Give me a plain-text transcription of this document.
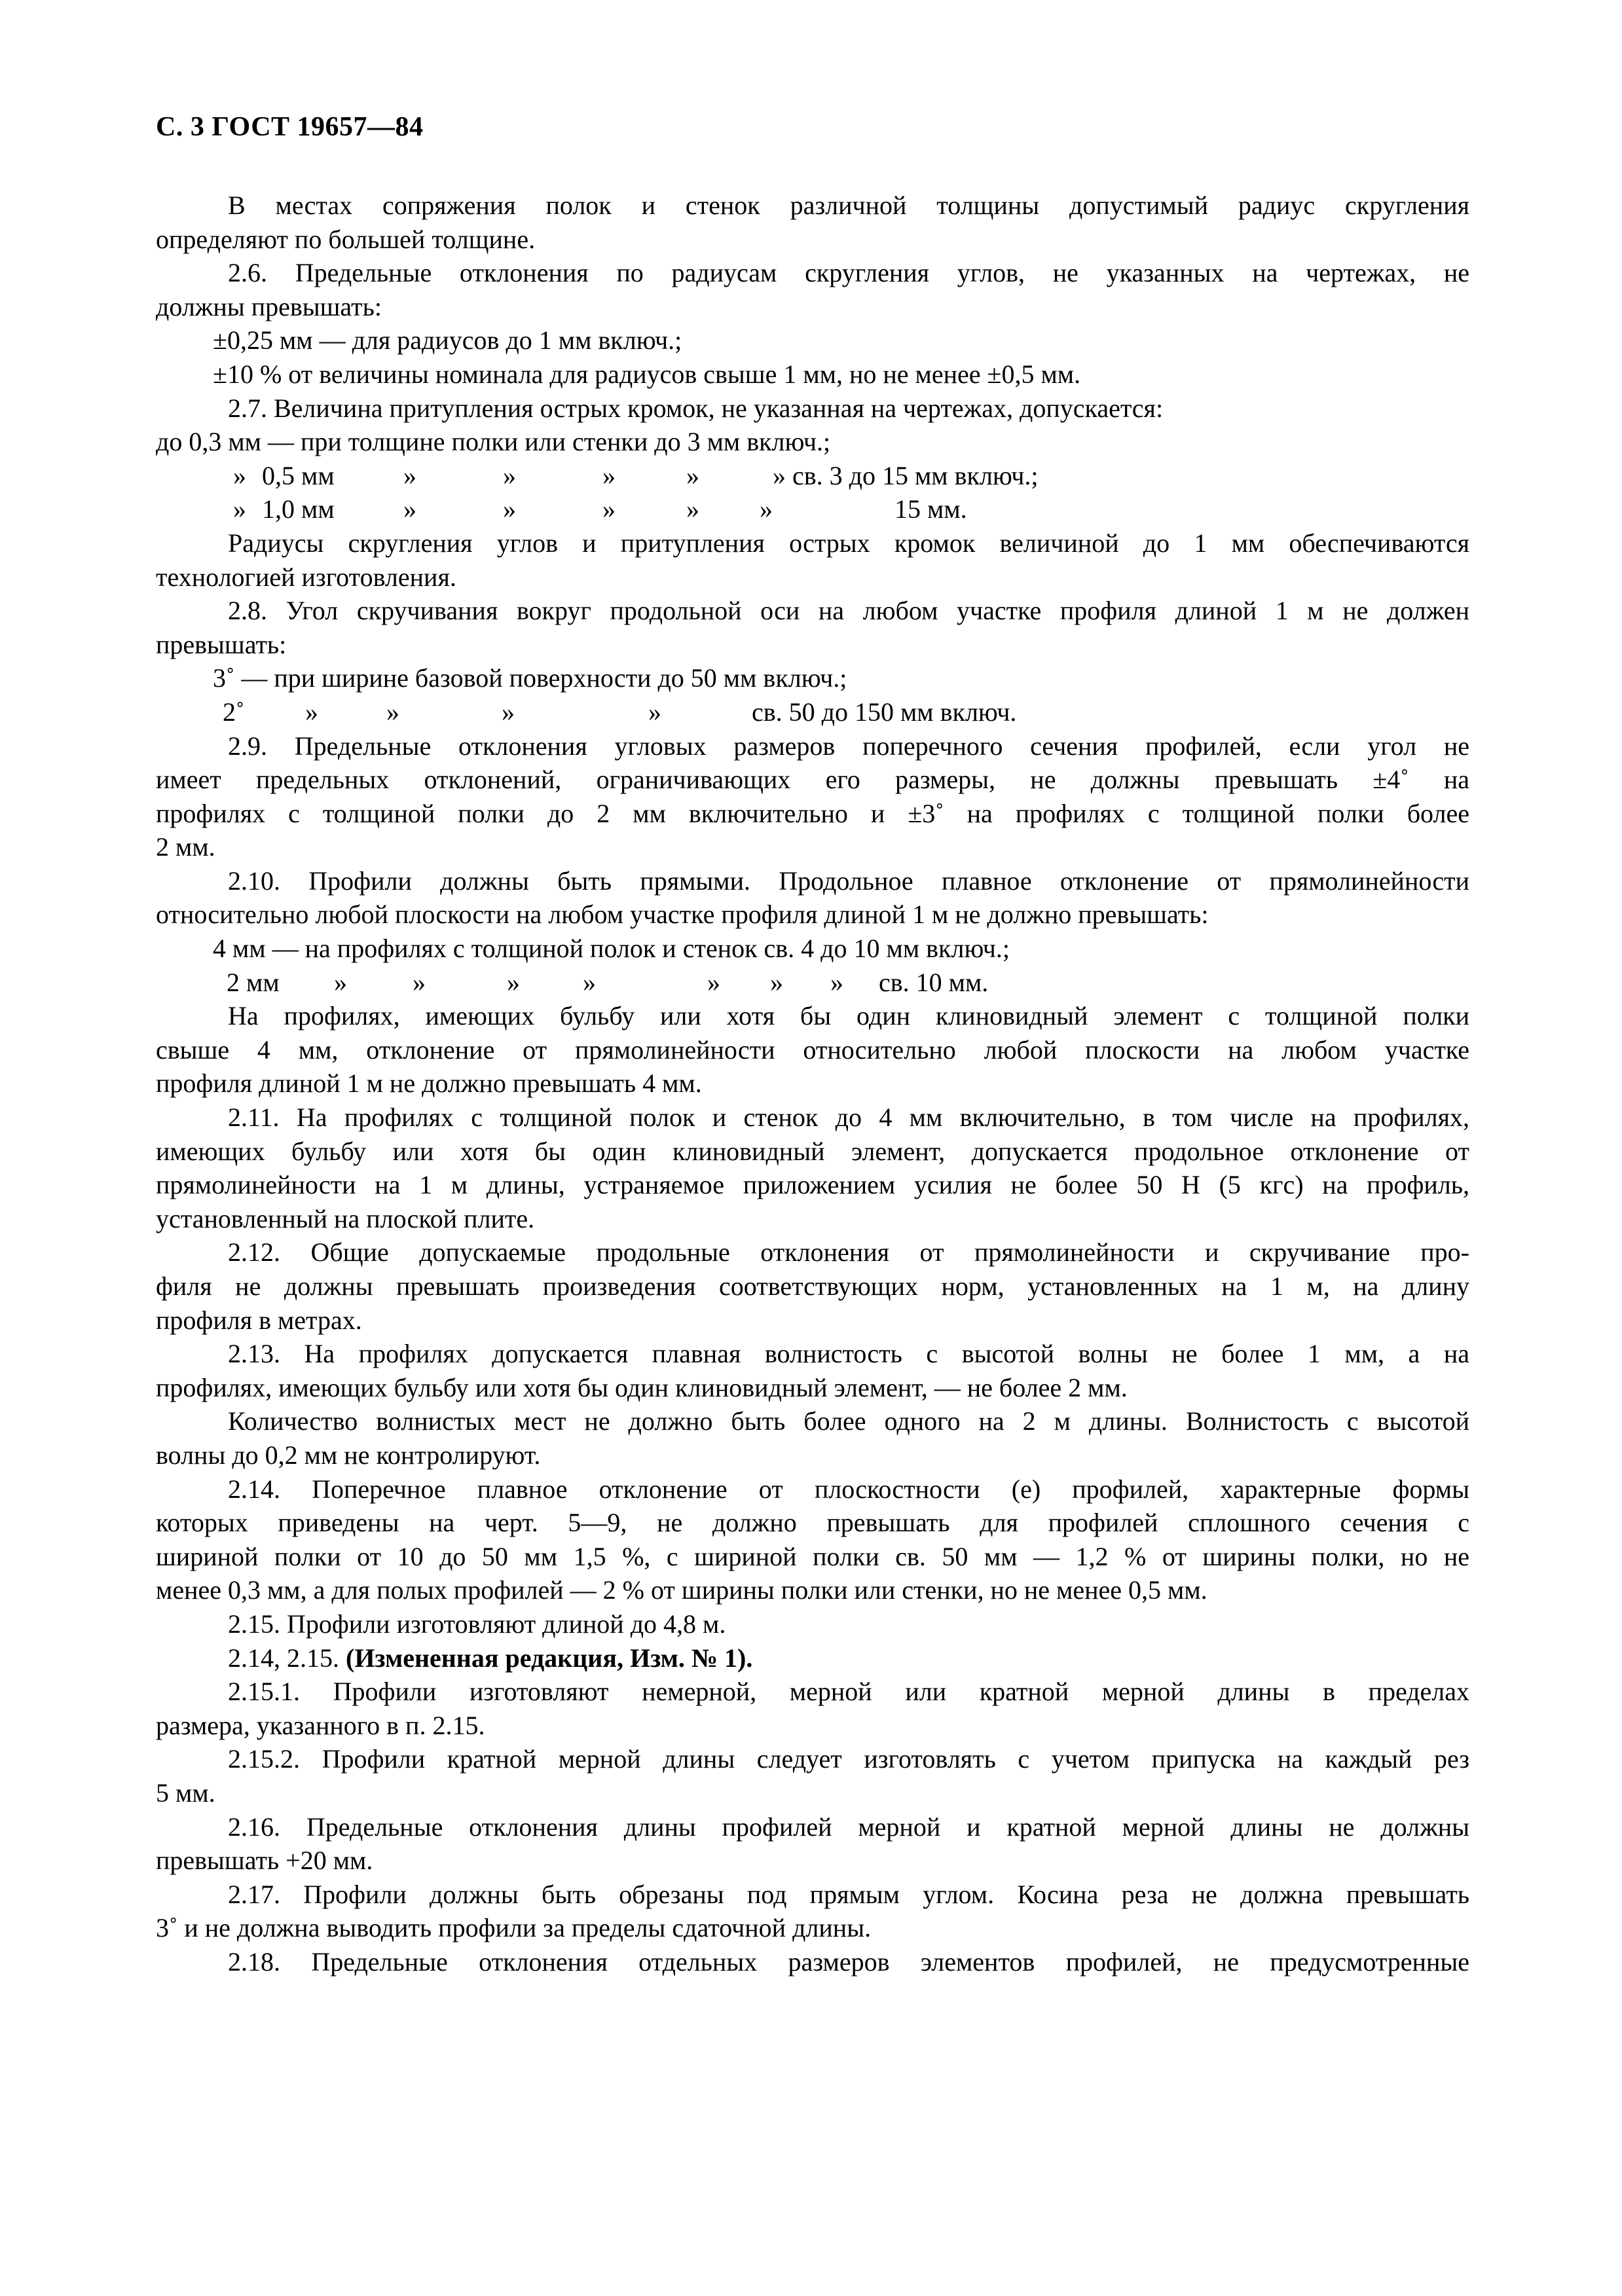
С. 3 ГОСТ 19657—84
В местах сопряжения полок и стенок различной толщины допустимый радиус скругления
определяют по большей толщине.
2.6. Предельные отклонения по радиусам скругления углов, не указанных на чертежах, не
должны превышать:
±0,25 мм — для радиусов до 1 мм включ.;
±10 % от величины номинала для радиусов свыше 1 мм, но не менее ±0,5 мм.
2.7. Величина притупления острых кромок, не указанная на чертежах, допускается:
до 0,3 мм — при толщине полки или стенки до 3 мм включ.;
» 0,5 мм	»	»	»	»	» св. 3 до 15 мм включ.;
» 1,0 мм	»	»	»	» »	15 мм.
Радиусы скругления углов и притупления острых кромок величиной до 1 мм обеспечиваются
технологией изготовления.
2.8. Угол скручивания вокруг продольной оси на любом участке профиля длиной 1 м не должен
превышать:
3˚ — при ширине базовой поверхности до 50 мм включ.;
2˚ »	»	»	»	св. 50 до 150 мм включ.
2.9. Предельные отклонения угловых размеров поперечного сечения профилей, если угол не
имеет предельных отклонений, ограничивающих его размеры, не должны превышать ±4˚ на
профилях с толщиной полки до 2 мм включительно и ±3˚ на профилях с толщиной полки более
2 мм.
2.10. Профили должны быть прямыми. Продольное плавное отклонение от прямолинейности
относительно любой плоскости на любом участке профиля длиной 1 м не должно превышать:
4 мм — на профилях с толщиной полок и стенок св. 4 до 10 мм включ.;
2 мм »	»	» »	» » » св. 10 мм.
На профилях, имеющих бульбу или хотя бы один клиновидный элемент с толщиной полки
свыше 4 мм, отклонение от прямолинейности относительно любой плоскости на любом участке
профиля длиной 1 м не должно превышать 4 мм.
2.11. На профилях с толщиной полок и стенок до 4 мм включительно, в том числе на профилях,
имеющих бульбу или хотя бы один клиновидный элемент, допускается продольное отклонение от
прямолинейности на 1 м длины, устраняемое приложением усилия не более 50 Н (5 кгс) на профиль,
установленный на плоской плите.
2.12. Общие допускаемые продольные отклонения от прямолинейности и скручивание про-
филя не должны превышать произведения соответствующих норм, установленных на 1 м, на длину
профиля в метрах.
2.13. На профилях допускается плавная волнистость с высотой волны не более 1 мм, а на
профилях, имеющих бульбу или хотя бы один клиновидный элемент, — не более 2 мм.
Количество волнистых мест не должно быть более одного на 2 м длины. Волнистость с высотой
волны до 0,2 мм не контролируют.
2.14. Поперечное плавное отклонение от плоскостности (е) профилей, характерные формы
которых приведены на черт. 5—9, не должно превышать для профилей сплошного сечения с
шириной полки от 10 до 50 мм 1,5 %, с шириной полки св. 50 мм — 1,2 % от ширины полки, но не
менее 0,3 мм, а для полых профилей — 2 % от ширины полки или стенки, но не менее 0,5 мм.
2.15. Профили изготовляют длиной до 4,8 м.
2.14, 2.15. (Измененная редакция, Изм. № 1).
2.15.1. Профили изготовляют немерной, мерной или кратной мерной длины в пределах
размера, указанного в п. 2.15.
2.15.2. Профили кратной мерной длины следует изготовлять с учетом припуска на каждый рез
5 мм.
2.16. Предельные отклонения длины профилей мерной и кратной мерной длины не должны
превышать +20 мм.
2.17. Профили должны быть обрезаны под прямым углом. Косина реза не должна превышать
3˚ и не должна выводить профили за пределы сдаточной длины.
2.18. Предельные отклонения отдельных размеров элементов профилей, не предусмотренные
